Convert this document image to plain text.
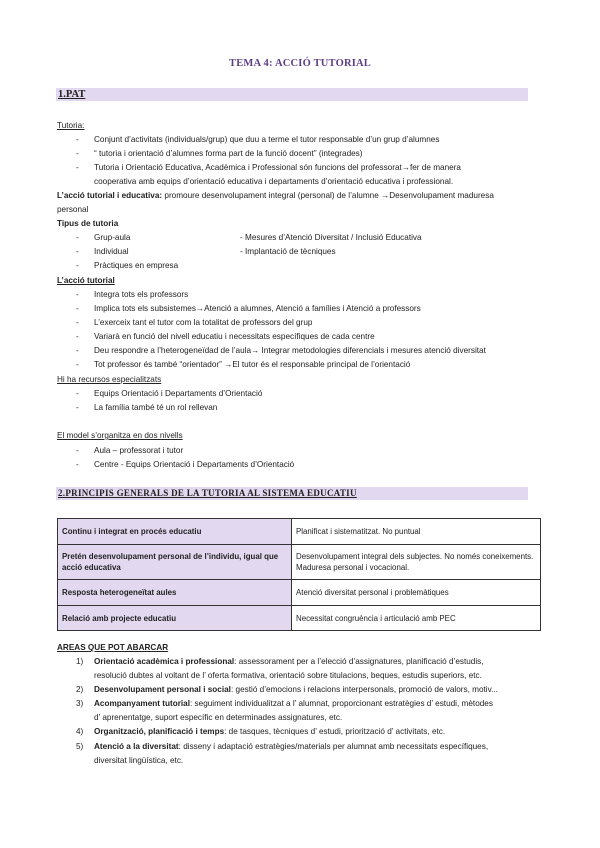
TEMA 4: ACCIÓ TUTORIAL
1.PAT
Tutoria:
- Conjunt d’activitats (individuals/grup) que duu a terme el tutor responsable d’un grup d’alumnes
- “ tutoria i orientació d’alumnes forma part de la funció docent” (integrades)
- Tutoria i Orientació Educativa, Acadèmica i Professional són funcions del professorat→fer de manera
cooperativa amb equips d’orientació educativa i departaments d’orientació educativa i professional.
L’acció tutorial i educativa: promoure desenvolupament integral (personal) de l’alumne →Desenvolupament maduresa
personal
Tipus de tutoria
- Grup-aula	- Mesures d’Atenció Diversitat / Inclusió Educativa
- Individual	- Implantació de tècniques
- Pràctiques en empresa
L’acció tutorial
- Integra tots els professors
- Implica tots els subsistemes→Atenció a alumnes, Atenció a famílies i Atenció a professors
- L’exerceix tant el tutor com la totalitat de professors del grup
- Variarà en funció del nivell educatiu i necessitats específiques de cada centre
- Deu respondre a l’heterogeneïdad de l’aula→ Integrar metodologies diferencials i mesures atenció diversitat
- Tot professor és també “orientador” →El tutor és el responsable principal de l’orientació
Hi ha recursos especialitzats
- Equips Orientació i Departaments d’Orientació
- La família també té un rol rellevan
El model s’organitza en dos nivells
- Aula – professorat i tutor
- Centre - Equips Orientació i Departaments d’Orientació
2.PRINCIPIS GENERALS DE LA TUTORIA AL SISTEMA EDUCATIU
Continu i integrat en procés educatiu	Planificat i sistematitzat. No puntual
Pretén desenvolupament personal de l’individu, igual que acció educativa	Desenvolupament integral dels subjectes. No només coneixements. Maduresa personal i vocacional.
Resposta heterogeneïtat aules	Atenció diversitat personal i problemàtiques
Relació amb projecte educatiu	Necessitat congruència i articulació amb PEC
AREAS QUE POT ABARCAR
1) Orientació acadèmica i professional: assessorament per a l’elecció d’assignatures, planificació d’estudis,
resolució dubtes al voltant de l’ oferta formativa, orientació sobre titulacions, beques, estudis superiors, etc.
2) Desenvolupament personal i social: gestió d’emocions i relacions interpersonals, promoció de valors, motiv...
3) Acompanyament tutorial: seguiment individualitzat a l’ alumnat, proporcionant estratègies d’ estudi, mètodes
d’ aprenentatge, suport específic en determinades assignatures, etc.
4) Organització, planificació i temps: de tasques, tècniques d’ estudi, priorització d’ activitats, etc.
5) Atenció a la diversitat: disseny i adaptació estratègies/materials per alumnat amb necessitats específiques,
diversitat lingüística, etc.
